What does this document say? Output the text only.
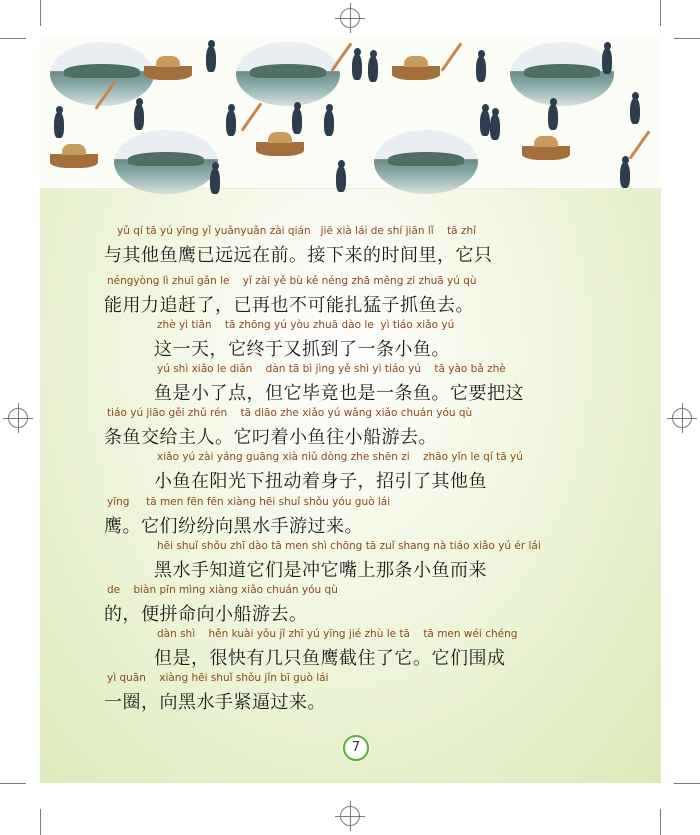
yǔ qí tā yú yīng yǐ yuǎnyuǎn zài qián   jiē xià lái de shí jiān lǐ    tā zhǐ
与其他鱼鹰已远远在前。接下来的时间里，它只
néngyòng lì zhuī gǎn le    yǐ zài yě bù kě néng zhā měng zi zhuā yú qù
能用力追赶了，已再也不可能扎猛子抓鱼去。
zhè yì tiān    tā zhōng yú yòu zhuā dào le  yì tiáo xiǎo yú
这一天，它终于又抓到了一条小鱼。
yú shì xiǎo le diǎn    dàn tā bì jìng yě shì yì tiáo yú    tā yào bǎ zhè
鱼是小了点，但它毕竟也是一条鱼。它要把这
tiáo yú jiāo gěi zhǔ rén    tā diāo zhe xiǎo yú wǎng xiǎo chuán yóu qù
条鱼交给主人。它叼着小鱼往小船游去。
xiǎo yú zài yáng guāng xià niǔ dòng zhe shēn zi    zhāo yǐn le qí tā yú
小鱼在阳光下扭动着身子，招引了其他鱼
yīng     tā men fēn fēn xiàng hēi shuǐ shǒu yóu guò lái
鹰。它们纷纷向黑水手游过来。
hēi shuǐ shǒu zhī dào tā men shì chōng tā zuǐ shang nà tiáo xiǎo yú ér lái
黑水手知道它们是冲它嘴上那条小鱼而来
de    biàn pīn mìng xiàng xiǎo chuán yóu qù
的，便拼命向小船游去。
dàn shì    hěn kuài yǒu jǐ zhī yú yīng jié zhù le tā    tā men wéi chéng
但是，很快有几只鱼鹰截住了它。它们围成
yì quān    xiàng hēi shuǐ shǒu jǐn bī guò lái
一圈，向黑水手紧逼过来。
7
